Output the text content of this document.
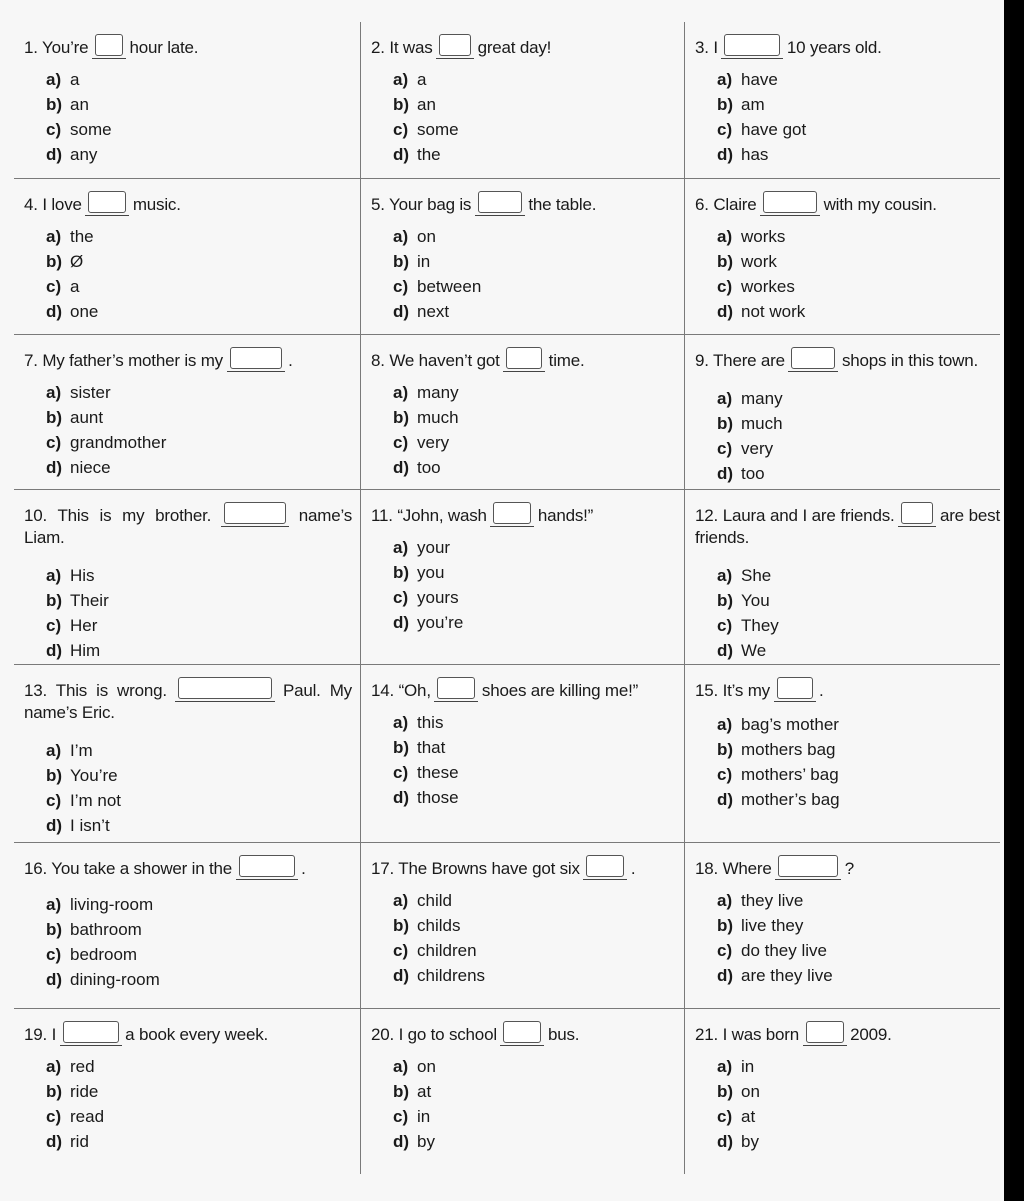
1. You’re hour late.
a) a
b) an
c) some
d) any
2. It was	great day!
a) a
b) an
c) some
d) the
3. I	10 years old.
a) have
b) am
c) have got
d) has
4. I love	music.
a) the
b) Ø
c) a
d) one
5. Your bag is	the table.
a) on
b) in
c) between
d) next
6. Claire	with my cousin.
a) works
b) work
c) workes
d) not work
7. My father’s mother is my	.
a) sister
b) aunt
c) grandmother
d) niece
8. We haven’t got	time.
a) many
b) much
c) very
d) too
9. There are	shops in this town.
a) many
b) much
c) very
d) too
10. This is my brother.	name’s Liam.
a) His
b) Their
c) Her
d) Him
11. “John, wash	hands!”
a) your
b) you
c) yours
d) you’re
12. Laura and I are friends.	are best friends.
a) She
b) You
c) They
d) We
13. This is wrong.	Paul. My name’s Eric.
a) I’m
b) You’re
c) I’m not
d) I isn’t
14. “Oh,	shoes are killing me!”
a) this
b) that
c) these
d) those
15. It’s my	.
a) bag’s mother
b) mothers bag
c) mothers’ bag
d) mother’s bag
16. You take a shower in the	.
a) living-room
b) bathroom
c) bedroom
d) dining-room
17. The Browns have got six	.
a) child
b) childs
c) children
d) childrens
18. Where	?
a) they live
b) live they
c) do they live
d) are they live
19. I	a book every week.
a) red
b) ride
c) read
d) rid
20. I go to school	bus.
a) on
b) at
c) in
d) by
21. I was born	2009.
a) in
b) on
c) at
d) by
